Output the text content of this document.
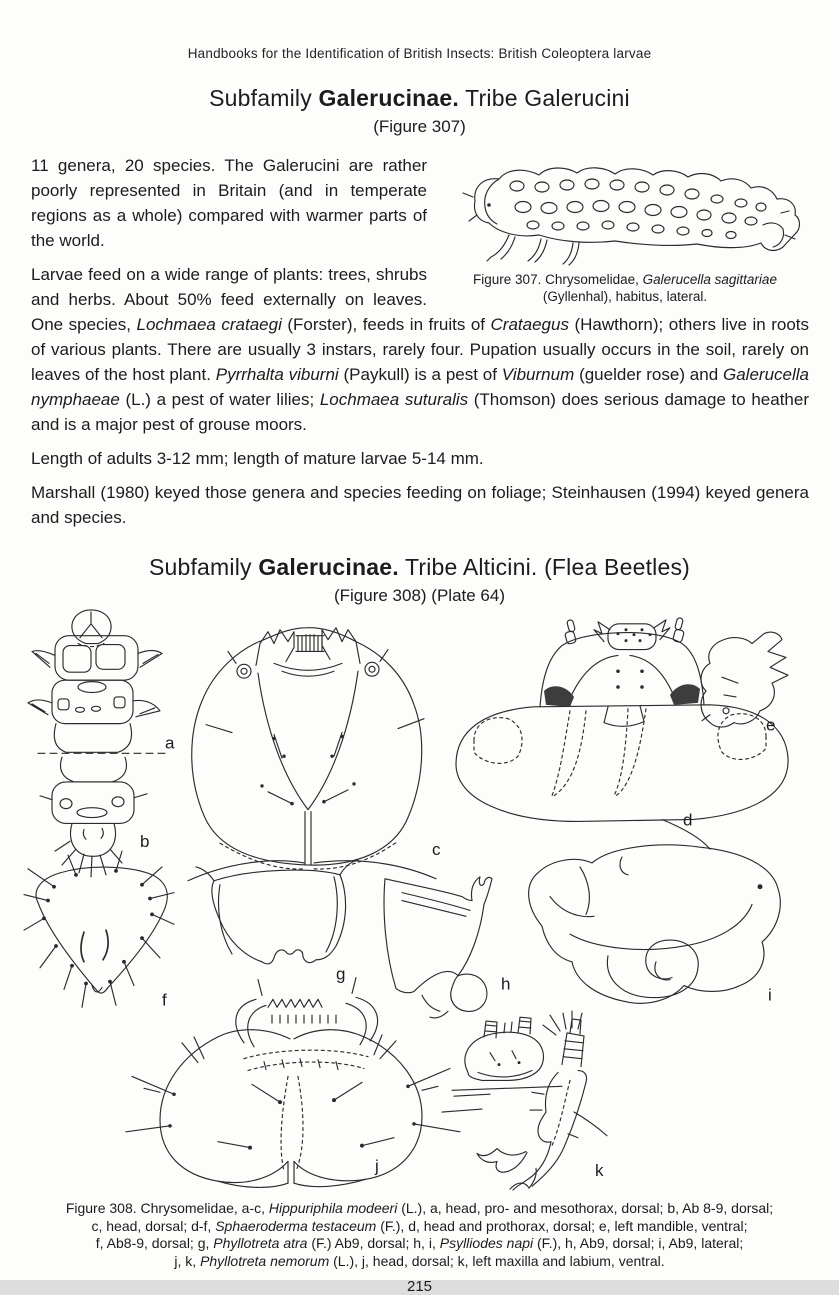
Handbooks for the Identification of British Insects: British Coleoptera larvae
Subfamily Galerucinae. Tribe Galerucini
(Figure 307)
Figure 307. Chrysomelidae, Galerucella sagittariae (Gyllenhal), habitus, lateral.

11 genera, 20 species. The Galerucini are rather poorly represented in Britain (and in temperate regions as a whole) compared with warmer parts of the world.

Larvae feed on a wide range of plants: trees, shrubs and herbs. About 50% feed externally on leaves. One species, Lochmaea crataegi (Forster), feeds in fruits of Crataegus (Hawthorn); others live in roots of various plants. There are usually 3 instars, rarely four. Pupation usually occurs in the soil, rarely on leaves of the host plant. Pyrrhalta viburni (Paykull) is a pest of Viburnum (guelder rose) and Galerucella nymphaeae (L.) a pest of water lilies; Lochmaea suturalis (Thomson) does serious damage to heather and is a major pest of grouse moors.

Length of adults 3-12 mm; length of mature larvae 5-14 mm.

Marshall (1980) keyed those genera and species feeding on foliage; Steinhausen (1994) keyed genera and species.

Subfamily Galerucinae. Tribe Alticini. (Flea Beetles)
(Figure 308) (Plate 64)
a
b	c
d
e
f
g
h
i
j	k
Figure 308. Chrysomelidae, a-c, Hippuriphila modeeri (L.), a, head, pro- and mesothorax, dorsal; b, Ab 8-9, dorsal;
c, head, dorsal; d-f, Sphaeroderma testaceum (F.), d, head and prothorax, dorsal; e, left mandible, ventral;
f, Ab8-9, dorsal; g, Phyllotreta atra (F.) Ab9, dorsal; h, i, Psylliodes napi (F.), h, Ab9, dorsal; i, Ab9, lateral;
j, k, Phyllotreta nemorum (L.), j, head, dorsal; k, left maxilla and labium, ventral.
215
